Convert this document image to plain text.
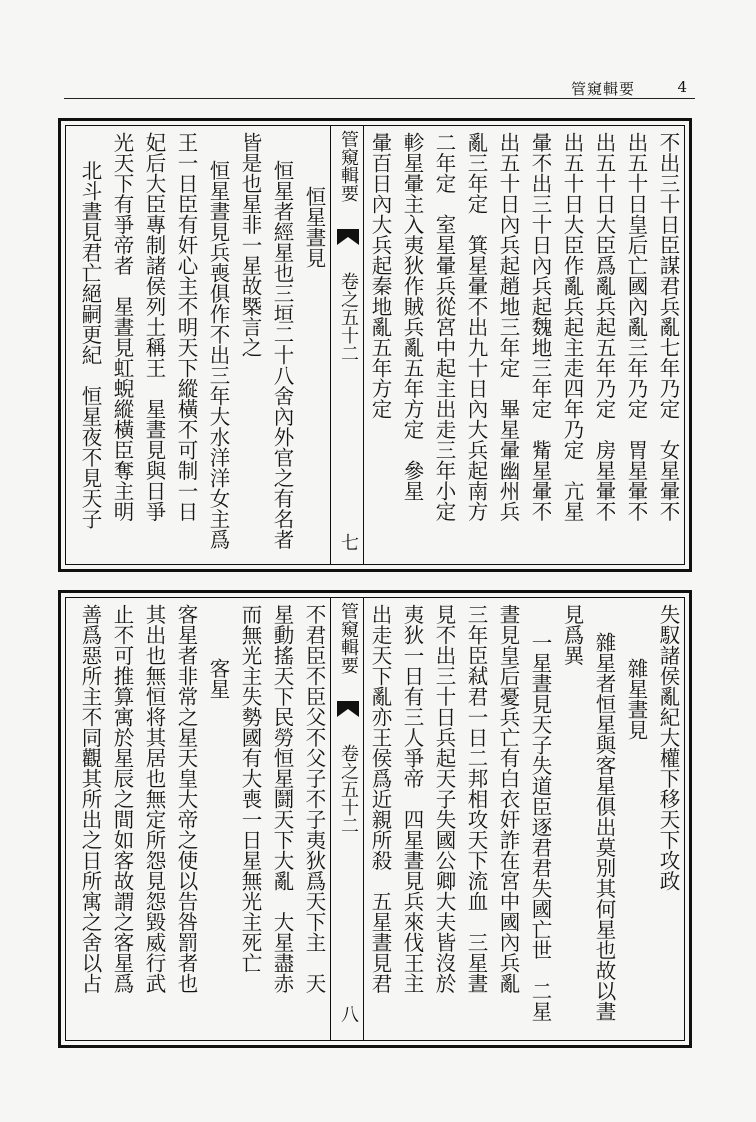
管窺輯要	4
不出三十日臣謀君兵亂七年乃定　女星暈不
出五十日皇后亡國內亂三年乃定　胃星暈不
出五十日大臣爲亂兵起五年乃定　房星暈不
出五十日大臣作亂兵起主走四年乃定　亢星
暈不出三十日內兵起魏地三年定　觜星暈不
出五十日內兵起趙地三年定　畢星暈幽州兵
亂三年定　箕星暈不出九十日內大兵起南方
二年定　室星暈兵從宮中起主出走三年小定
軫星暈主入夷狄作賊兵亂五年方定　參星
暈百日內大兵起秦地亂五年方定
管窺輯要
卷之五十二 七
恒星晝見
恒星者經星也三垣二十八舍內外官之有名者
皆是也星非一星故槩言之
恒星晝見兵喪俱作不出三年大水洋洋女主爲
王一日臣有奸心主不明天下縱橫不可制一日
妃后大臣專制諸侯列土稱王　星晝見與日爭
光天下有爭帝者　星晝見虹蜺縱橫臣奪主明
北斗晝見君亡絕嗣更紀　恒星夜不見天子
失馭諸侯亂紀大權下移天下攻政
雜星晝見
雜星者恒星與客星俱出莫別其何星也故以晝
見爲異
一星晝見天子失道臣逐君君失國亡世　二星
晝見皇后憂兵亡有白衣奸詐在宮中國內兵亂
三年臣弒君一日二邦相攻天下流血　三星晝
見不出三十日兵起天子失國公卿大夫皆沒於
夷狄一日有三人爭帝　四星晝見兵來伐王主
出走天下亂亦王侯爲近親所殺　五星晝見君
管窺輯要
卷之五十二 八
不君臣不臣父不父子不子夷狄爲天下主　天
星動搖天下民勞恒星鬪天下大亂　大星盡赤
而無光主失勢國有大喪一日星無光主死亡
客星
客星者非常之星天皇大帝之使以告咎罰者也
其出也無恒将其居也無定所怨見怨毀威行武
止不可推算寓於星辰之間如客故謂之客星爲
善爲惡所主不同觀其所出之日所寓之舍以占
